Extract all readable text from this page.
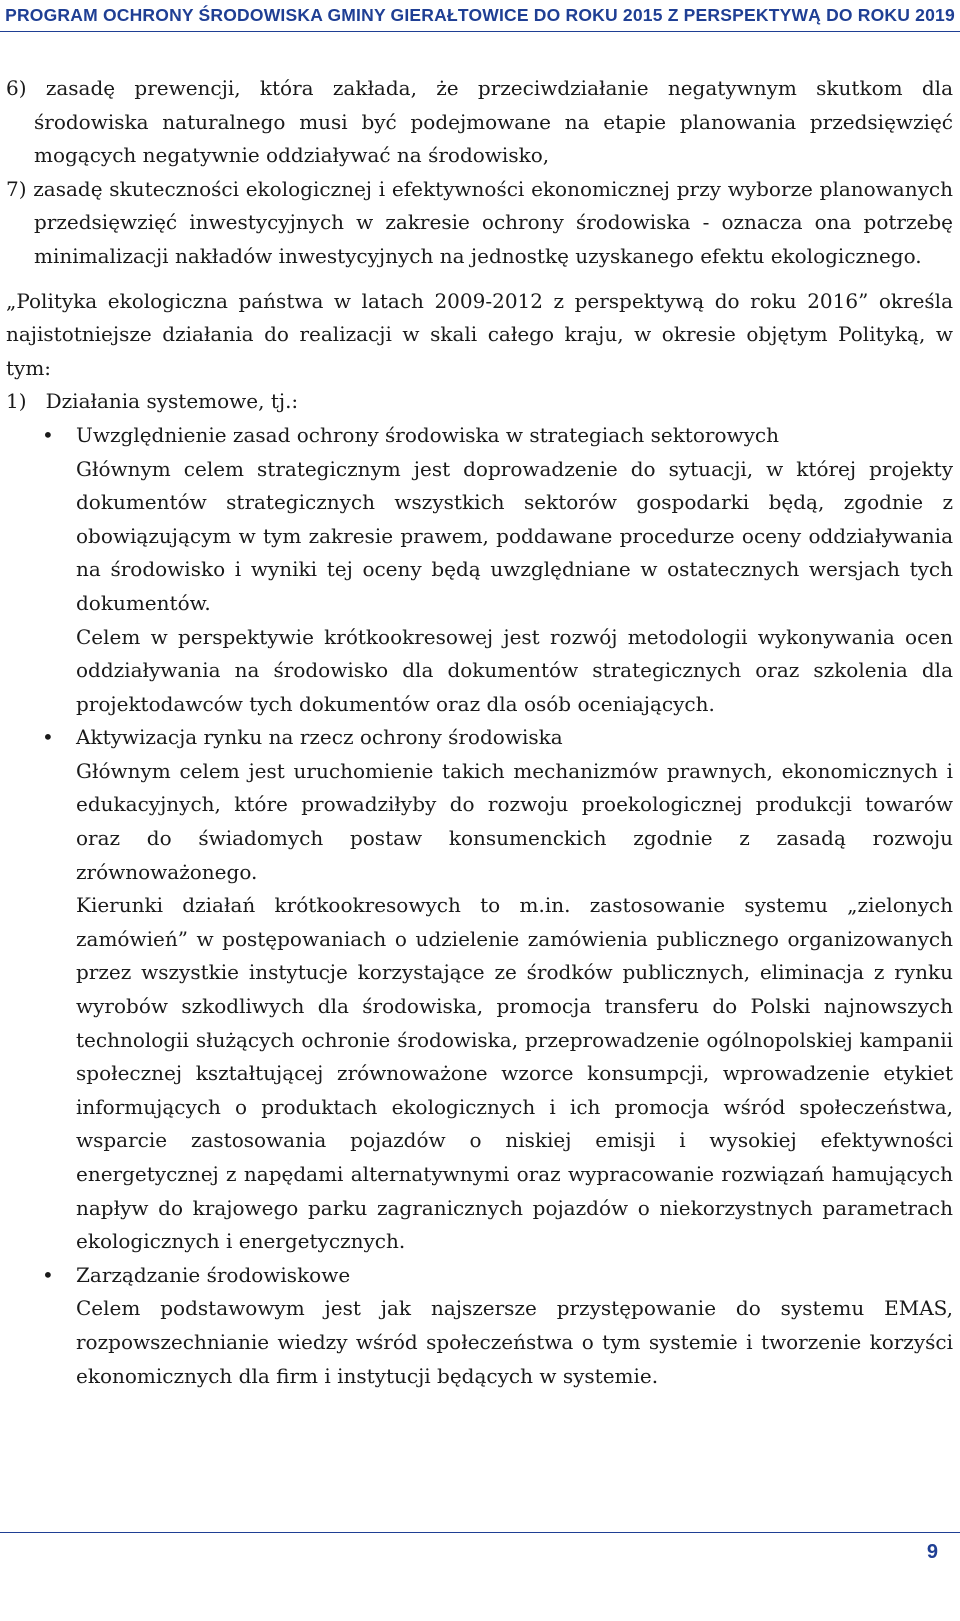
PROGRAM OCHRONY ŚRODOWISKA GMINY GIERAŁTOWICE DO ROKU 2015 Z PERSPEKTYWĄ DO ROKU 2019

6) zasadę prewencji, która zakłada, że przeciwdziałanie negatywnym skutkom dla środowiska naturalnego musi być podejmowane na etapie planowania przedsięwzięć mogących negatywnie oddziaływać na środowisko,

7) zasadę skuteczności ekologicznej i efektywności ekonomicznej przy wyborze planowanych przedsięwzięć inwestycyjnych w zakresie ochrony środowiska - oznacza ona potrzebę minimalizacji nakładów inwestycyjnych na jednostkę uzyskanego efektu ekologicznego.

„Polityka ekologiczna państwa w latach 2009-2012 z perspektywą do roku 2016” określa najistotniejsze działania do realizacji w skali całego kraju, w okresie objętym Polityką, w tym:

1)   Działania systemowe, tj.:

• Uwzględnienie zasad ochrony środowiska w strategiach sektorowych

Głównym celem strategicznym jest doprowadzenie do sytuacji, w której projekty dokumentów strategicznych wszystkich sektorów gospodarki będą, zgodnie z obowiązującym w tym zakresie prawem, poddawane procedurze oceny oddziaływania na środowisko i wyniki tej oceny będą uwzględniane w ostatecznych wersjach tych dokumentów.

Celem w perspektywie krótkookresowej jest rozwój metodologii wykonywania ocen oddziaływania na środowisko dla dokumentów strategicznych oraz szkolenia dla projektodawców tych dokumentów oraz dla osób oceniających.

• Aktywizacja rynku na rzecz ochrony środowiska

Głównym celem jest uruchomienie takich mechanizmów prawnych, ekonomicznych i edukacyjnych, które prowadziłyby do rozwoju proekologicznej produkcji towarów oraz do świadomych postaw konsumenckich zgodnie z zasadą rozwoju zrównoważonego.

Kierunki działań krótkookresowych to m.in. zastosowanie systemu „zielonych zamówień” w postępowaniach o udzielenie zamówienia publicznego organizowanych przez wszystkie instytucje korzystające ze środków publicznych, eliminacja z rynku wyrobów szkodliwych dla środowiska, promocja transferu do Polski najnowszych technologii służących ochronie środowiska, przeprowadzenie ogólnopolskiej kampanii społecznej kształtującej zrównoważone wzorce konsumpcji, wprowadzenie etykiet informujących o produktach ekologicznych i ich promocja wśród społeczeństwa, wsparcie zastosowania pojazdów o niskiej emisji i wysokiej efektywności energetycznej z napędami alternatywnymi oraz wypracowanie rozwiązań hamujących napływ do krajowego parku zagranicznych pojazdów o niekorzystnych parametrach ekologicznych i energetycznych.

• Zarządzanie środowiskowe

Celem podstawowym jest jak najszersze przystępowanie do systemu EMAS, rozpowszechnianie wiedzy wśród społeczeństwa o tym systemie i tworzenie korzyści ekonomicznych dla firm i instytucji będących w systemie.

9
